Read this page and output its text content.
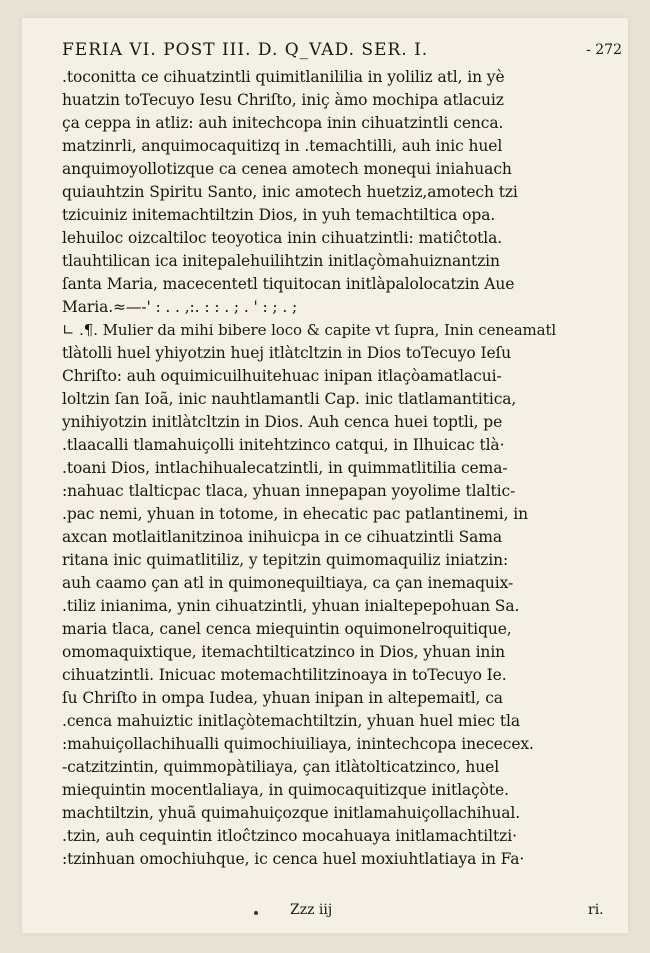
FERIA VI. POST III. D. Q_VAD. SER. I.	- 272
.toconitta ce cihuatzintli quimitlanililia in yoliliz atl, in yè
huatzin toTecuyo Iesu Chriſto, iniç àmo mochipa atlacuiz
ça ceppa in atliz: auh initechcopa inin cihuatzintli cenca.
matzinrli, anquimocaquitizq in .temachtilli, auh inic huel
anquimoyollotizque ca cenea amotech monequi iniahuach
quiauhtzin Spiritu Santo, inic amotech huetziz,amotech tzi
tzicuiniz initemachtiltzin Dios, in yuh temachtiltica opa.
lehuiloc oizcaltiloc teoyotica inin cihuatzintli: matiĉtotla.
tlauhtilican ica initepalehuilihtzin initlaçòmahuiznantzin
ſanta Maria, macecentetl tiquitocan initlàpalolocatzin Aue
Maria.≈—-' : . . ,:. : : . ; . ' : ; . ;
∟ .¶. Mulier da mihi bibere loco & capite vt ſupra, Inin ceneamatl
tlàtolli huel yhiyotzin huej itlàtcltzin in Dios toTecuyo Ieſu
Chriſto: auh oquimicuilhuitehuac inipan itlaçòamatlacui-
loltzin ſan Ioã, inic nauhtlamantli Cap. inic tlatlamantitica,
ynihiyotzin initlàtcltzin in Dios. Auh cenca huei toptli, pe
.tlaacalli tlamahuiçolli initehtzinco catqui, in Ilhuicac tlà·
.toani Dios, intlachihualecatzintli, in quimmatlitilia cema-
:nahuac tlalticpac tlaca, yhuan innepapan yoyolime tlaltic-
.pac nemi, yhuan in totome, in ehecatic pac patlantinemi, in
axcan motlaitlanitzinoa inihuicpa in ce cihuatzintli Sama
ritana inic quimatlitiliz, y tepitzin quimomaquiliz iniatzin:
auh caamo çan atl in quimonequiltiaya, ca çan inemaquix-
.tiliz inianima, ynin cihuatzintli, yhuan inialtepepohuan Sa.
maria tlaca, canel cenca miequintin oquimonelroquitique,
omomaquixtique, itemachtilticatzinco in Dios, yhuan inin
cihuatzintli. Inicuac motemachtilitzinoaya in toTecuyo Ie.
ſu Chriſto in ompa Iudea, yhuan inipan in altepemaitl, ca
.cenca mahuiztic initlaçòtemachtiltzin, yhuan huel miec tla
:mahuiçollachihualli quimochiuiliaya, inintechcopa inececex.
-catzitzintin, quimmopàtiliaya, çan itlàtolticatzinco, huel
miequintin mocentlaliaya, in quimocaquitizque initlaçòte.
machtiltzin, yhuã quimahuiçozque initlamahuiçollachihual.
.tzin, auh cequintin itloĉtzinco mocahuaya initlamachtiltzi·
:tzinhuan omochiuhque, ic cenca huel moxiuhtlatiaya in Fa·
Zzz iij	ri.
